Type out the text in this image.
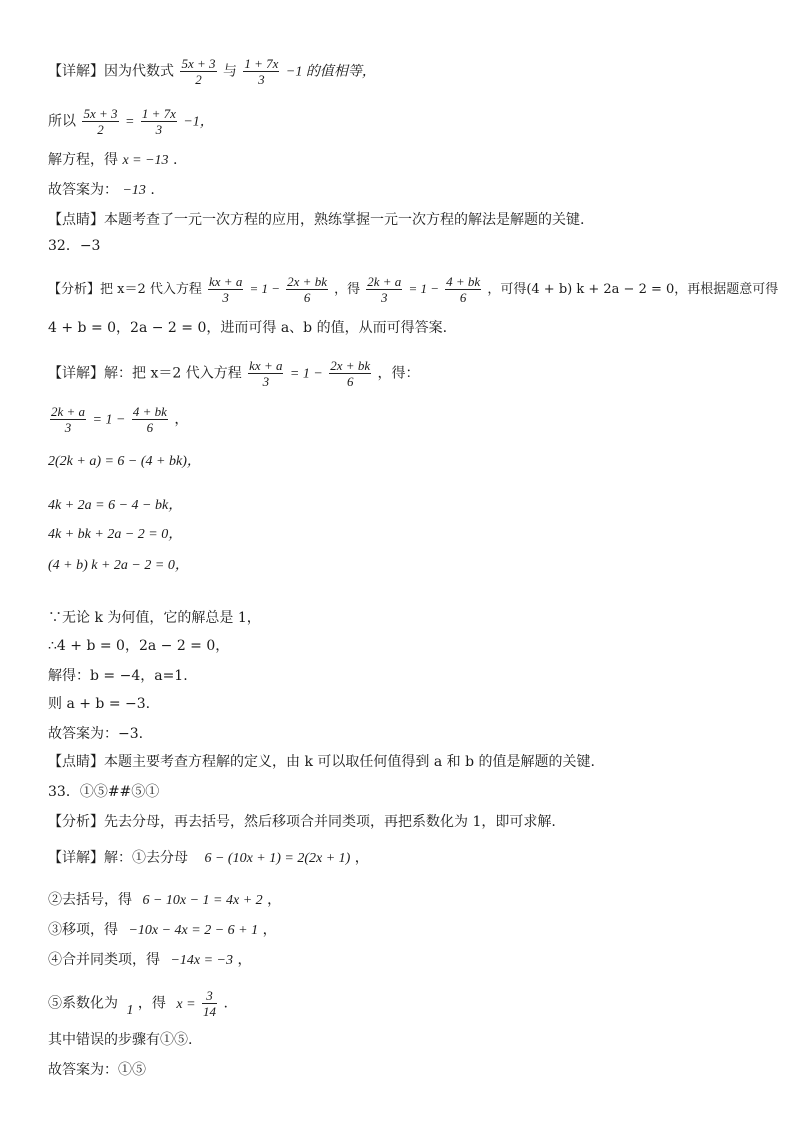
【详解】因为代数式 $\frac{5x + 3}{2}$ 与 $\frac{1 + 7x}{3} -1$ 的值相等，
所以 $\frac{5x + 3}{2} = \frac{1 + 7x}{3} -1$，
解方程，得 x = −13 .
故答案为： −13 .
【点睛】本题考查了一元一次方程的应用，熟练掌握一元一次方程的解法是解题的关键.
32．−3
【分析】把 x＝2 代入方程 $\frac{kx + a}{3} = 1 - \frac{2x + bk}{6}$ ，得 $\frac{2k + a}{3} = 1 - \frac{4 + bk}{6}$ ，可得(4 + b) k + 2a − 2 = 0，再根据题意可得
4 + b = 0，2a − 2 = 0，进而可得 a、b 的值，从而可得答案.
【详解】解：把 x＝2 代入方程 $\frac{kx + a}{3} = 1 - \frac{2x + bk}{6}$ ，得：
$\frac{2k + a}{3} = 1 - \frac{4 + bk}{6}$ ，
2(2k + a) = 6 − (4 + bk)，
4k + 2a = 6 − 4 − bk，
4k + bk + 2a − 2 = 0，
(4 + b) k + 2a − 2 = 0，
∵无论 k 为何值，它的解总是 1，
∴4 + b = 0，2a − 2 = 0，
解得：b = −4，a=1.
则 a + b = −3.
故答案为：−3.
【点睛】本题主要考查方程解的定义，由 k 可以取任何值得到 a 和 b 的值是解题的关键.
33．①⑤##⑤①
【分析】先去分母，再去括号，然后移项合并同类项，再把系数化为 1，即可求解.
【详解】解：①去分母 6 − (10x + 1) = 2(2x + 1) ，
②去括号，得 6 − 10x − 1 = 4x + 2 ，
③移项，得 −10x − 4x = 2 − 6 + 1 ，
④合并同类项，得 −14x = −3 ，
⑤系数化为 1 ，得 $x = \frac{3}{14}$ .
其中错误的步骤有①⑤.
故答案为：①⑤
